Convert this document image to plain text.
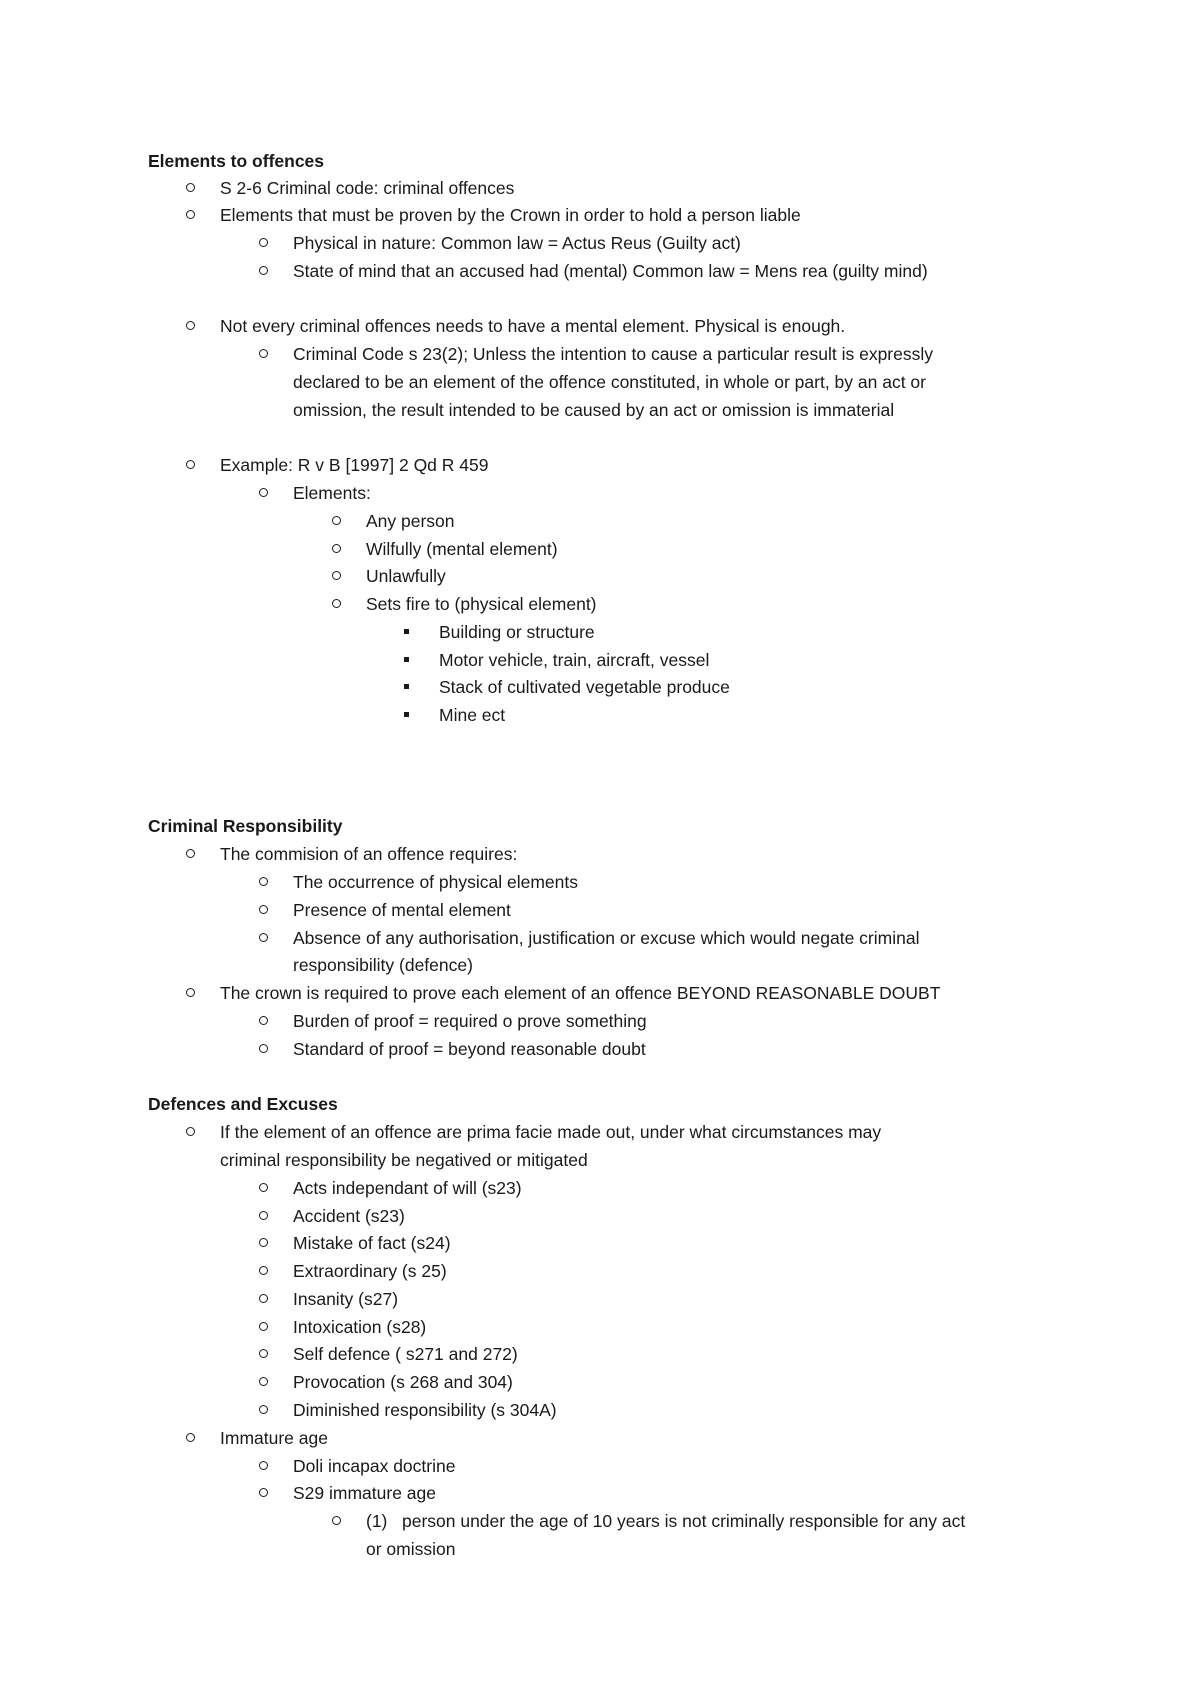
Elements to offences
S 2-6 Criminal code: criminal offences
Elements that must be proven by the Crown in order to hold a person liable
Physical in nature: Common law = Actus Reus (Guilty act)
State of mind that an accused had (mental) Common law = Mens rea (guilty mind)
Not every criminal offences needs to have a mental element. Physical is enough.
Criminal Code s 23(2); Unless the intention to cause a particular result is expressly
declared to be an element of the offence constituted, in whole or part, by an act or
omission, the result intended to be caused by an act or omission is immaterial
Example: R v B [1997] 2 Qd R 459
Elements:
Any person
Wilfully (mental element)
Unlawfully
Sets fire to (physical element)
Building or structure
Motor vehicle, train, aircraft, vessel
Stack of cultivated vegetable produce
Mine ect
Criminal Responsibility
The commision of an offence requires:
The occurrence of physical elements
Presence of mental element
Absence of any authorisation, justification or excuse which would negate criminal
responsibility (defence)
The crown is required to prove each element of an offence BEYOND REASONABLE DOUBT
Burden of proof = required o prove something
Standard of proof = beyond reasonable doubt
Defences and Excuses
If the element of an offence are prima facie made out, under what circumstances may
criminal responsibility be negatived or mitigated
Acts independant of will (s23)
Accident (s23)
Mistake of fact (s24)
Extraordinary (s 25)
Insanity (s27)
Intoxication (s28)
Self defence ( s271 and 272)
Provocation (s 268 and 304)
Diminished responsibility (s 304A)
Immature age
Doli incapax doctrine
S29 immature age
(1)   person under the age of 10 years is not criminally responsible for any act
or omission
